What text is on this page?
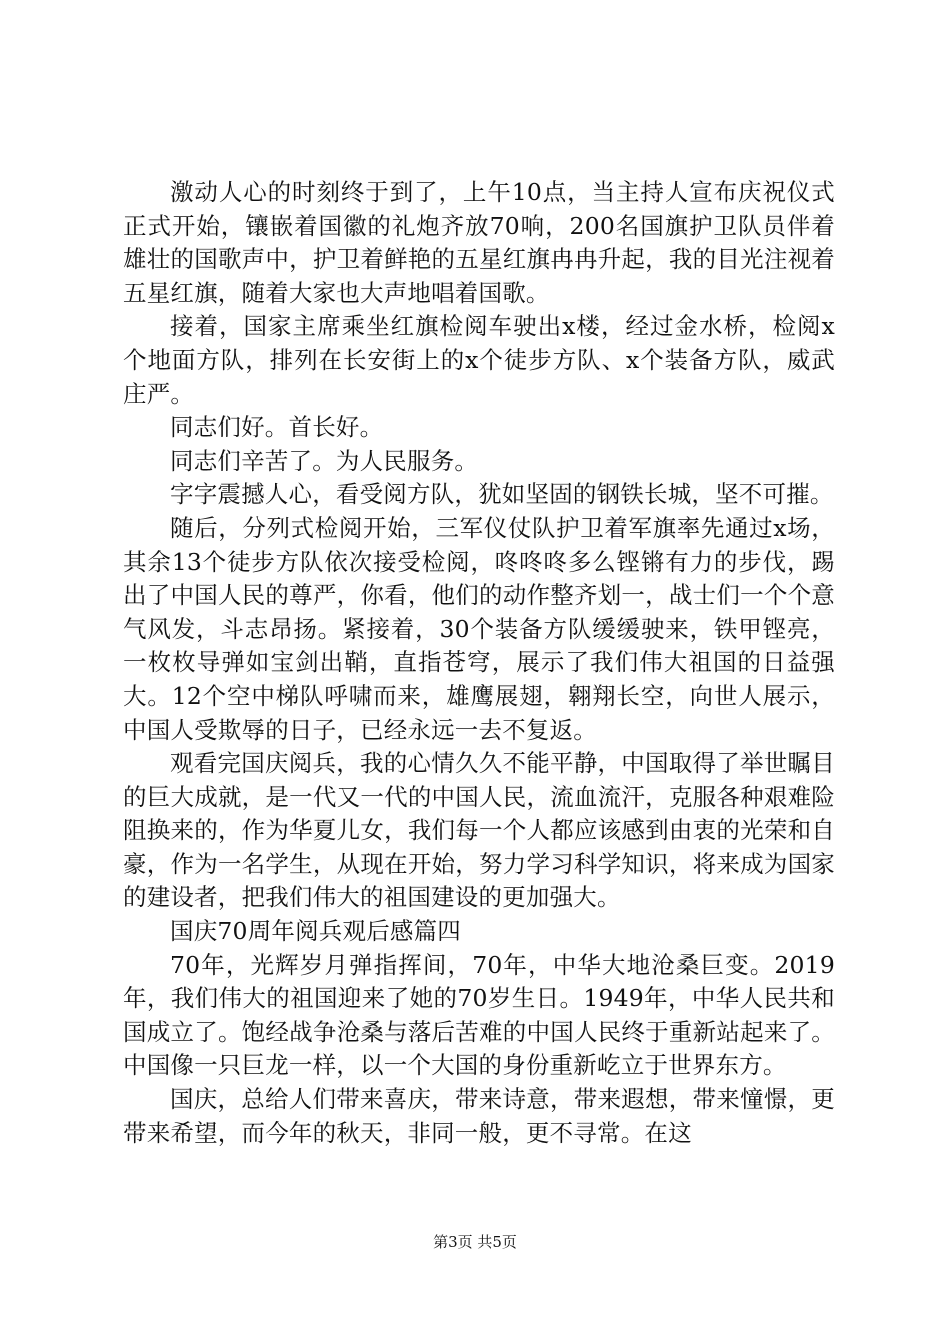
激动人心的时刻终于到了，上午10点，当主持人宣布庆祝仪式正式开始，镶嵌着国徽的礼炮齐放70响，200名国旗护卫队员伴着雄壮的国歌声中，护卫着鲜艳的五星红旗冉冉升起，我的目光注视着五星红旗，随着大家也大声地唱着国歌。

接着，国家主席乘坐红旗检阅车驶出x楼，经过金水桥，检阅x个地面方队，排列在长安街上的x个徒步方队、x个装备方队，威武庄严。

同志们好。首长好。

同志们辛苦了。为人民服务。

字字震撼人心，看受阅方队，犹如坚固的钢铁长城，坚不可摧。

随后，分列式检阅开始，三军仪仗队护卫着军旗率先通过x场，其余13个徒步方队依次接受检阅，咚咚咚多么铿锵有力的步伐，踢出了中国人民的尊严，你看，他们的动作整齐划一，战士们一个个意气风发，斗志昂扬。紧接着，30个装备方队缓缓驶来，铁甲铿亮，一枚枚导弹如宝剑出鞘，直指苍穹，展示了我们伟大祖国的日益强大。12个空中梯队呼啸而来，雄鹰展翅，翱翔长空，向世人展示，中国人受欺辱的日子，已经永远一去不复返。

观看完国庆阅兵，我的心情久久不能平静，中国取得了举世瞩目的巨大成就，是一代又一代的中国人民，流血流汗，克服各种艰难险阻换来的，作为华夏儿女，我们每一个人都应该感到由衷的光荣和自豪，作为一名学生，从现在开始，努力学习科学知识，将来成为国家的建设者，把我们伟大的祖国建设的更加强大。

国庆70周年阅兵观后感篇四

70年，光辉岁月弹指挥间，70年，中华大地沧桑巨变。2019年，我们伟大的祖国迎来了她的70岁生日。1949年，中华人民共和国成立了。饱经战争沧桑与落后苦难的中国人民终于重新站起来了。中国像一只巨龙一样，以一个大国的身份重新屹立于世界东方。

国庆，总给人们带来喜庆，带来诗意，带来遐想，带来憧憬，更带来希望，而今年的秋天，非同一般，更不寻常。在这

第3页 共5页
